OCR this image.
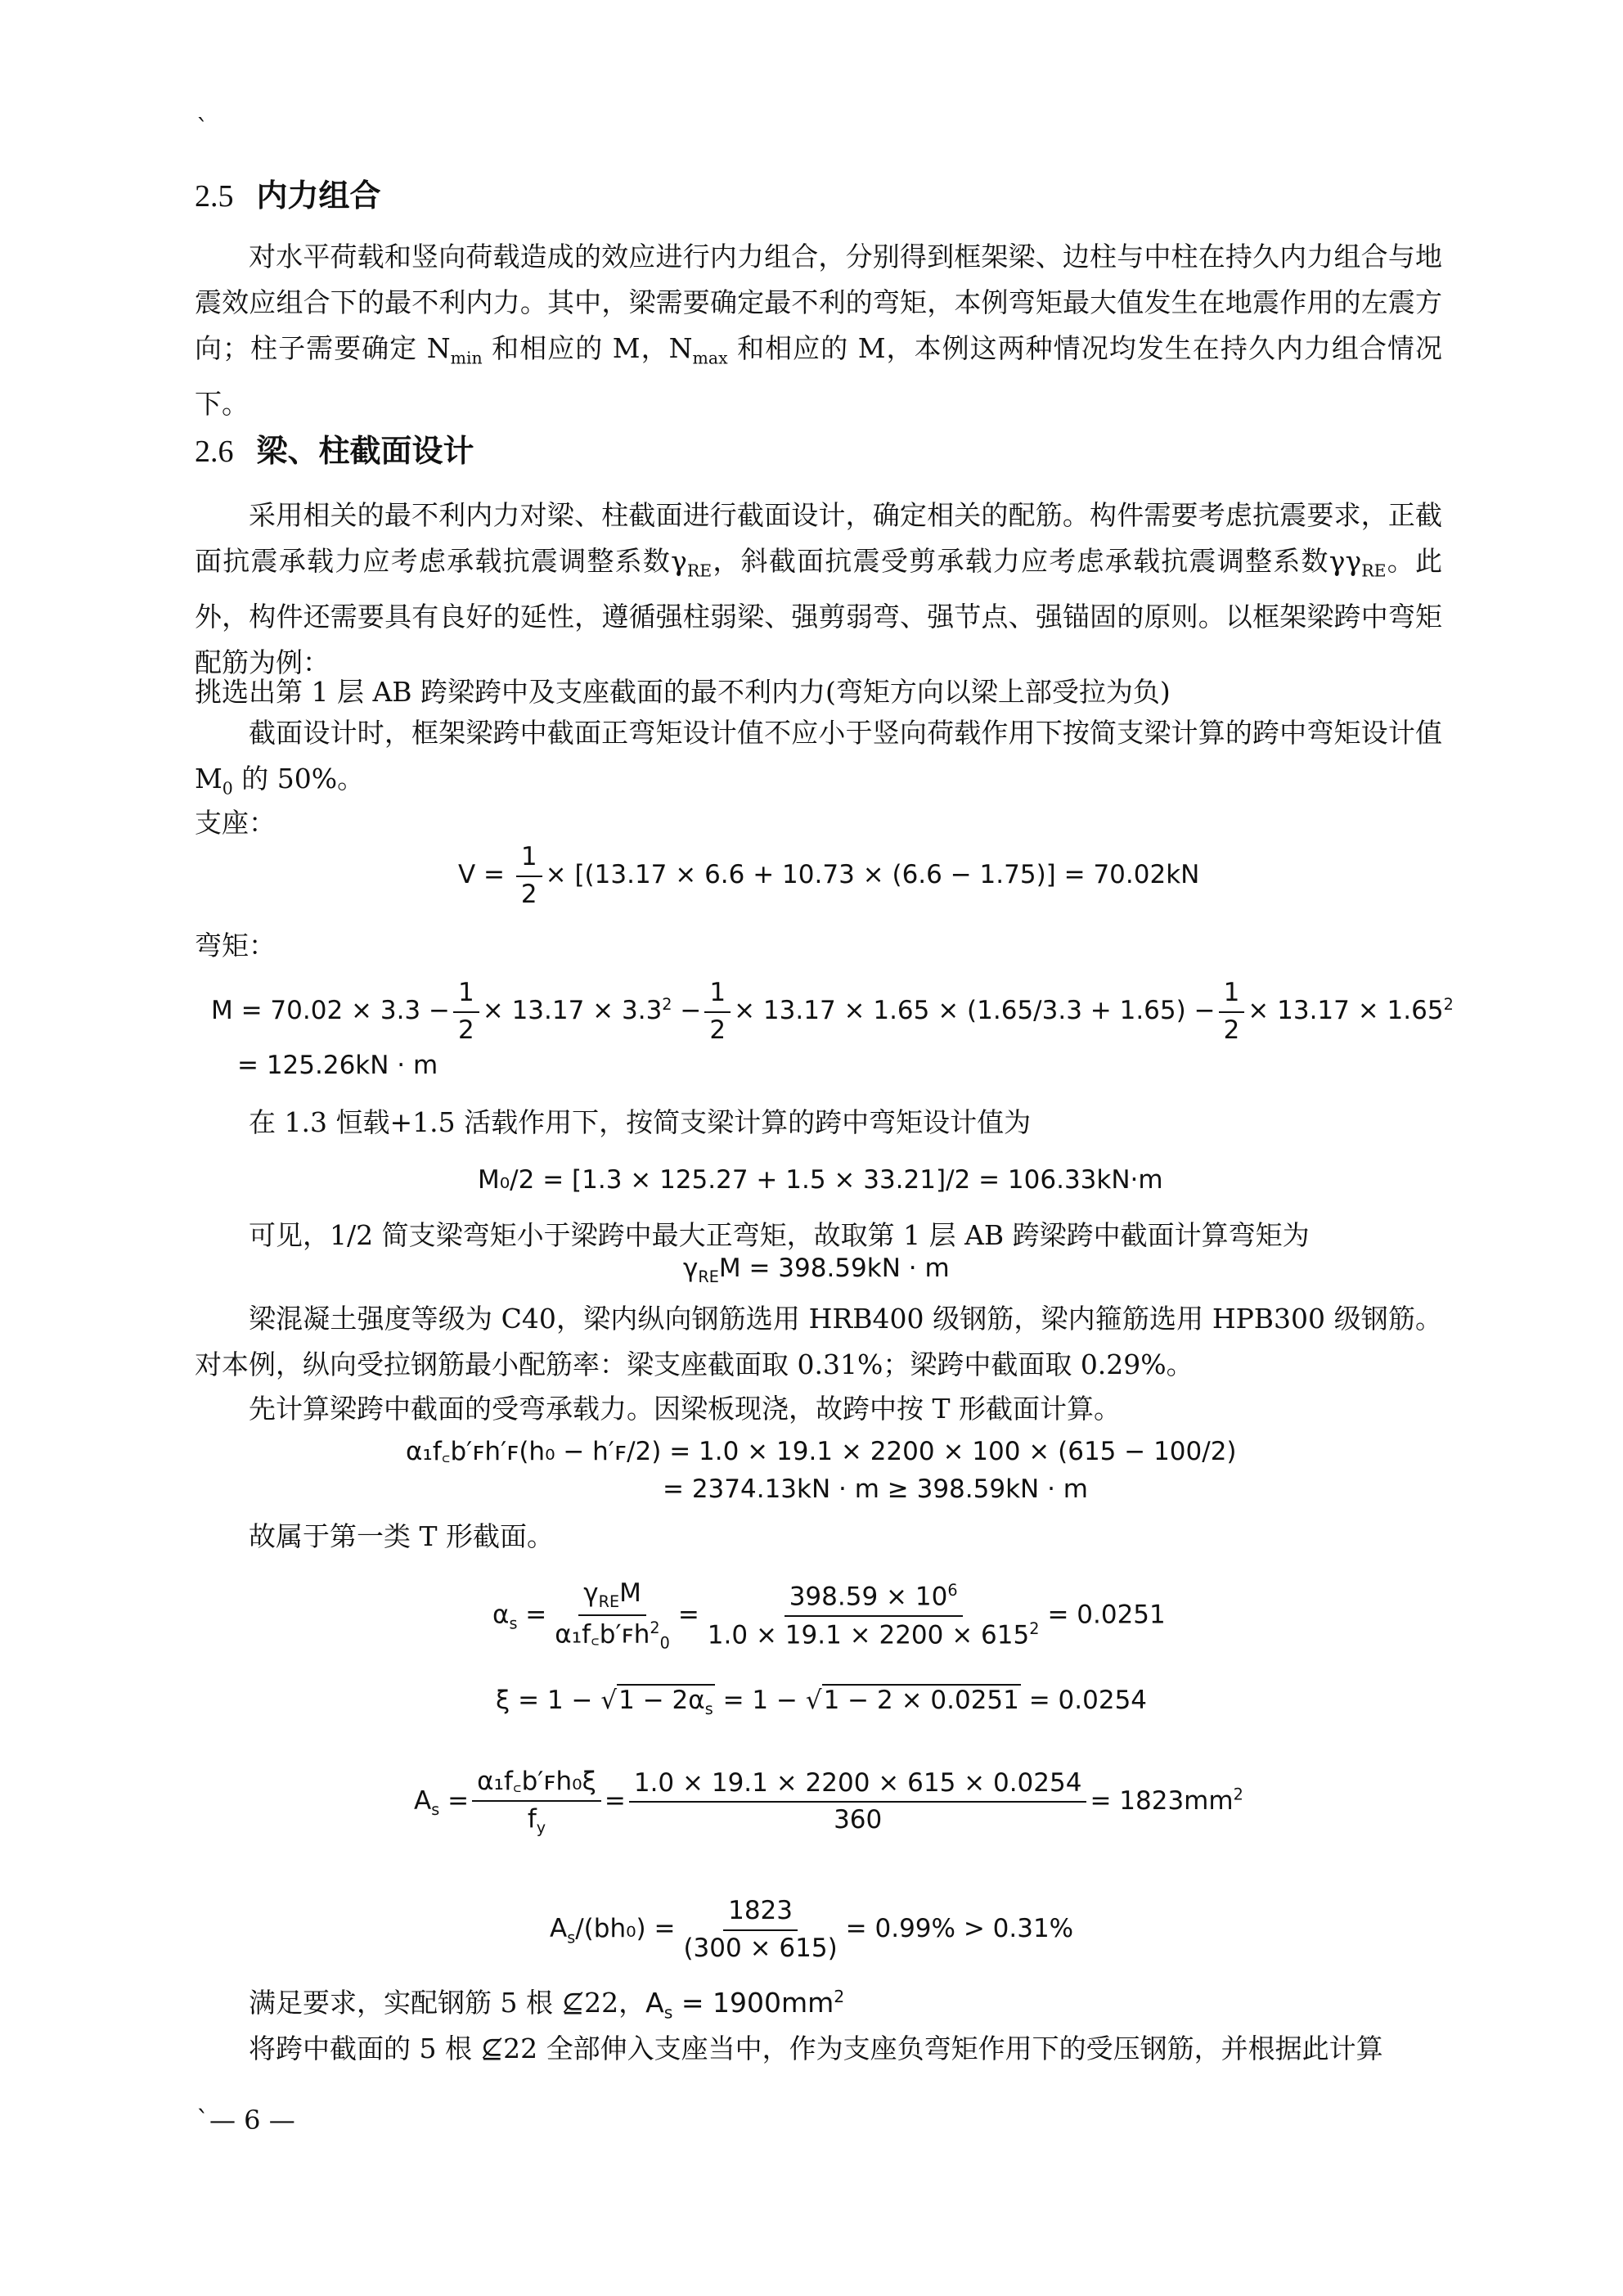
`
2.5 内力组合

对水平荷载和竖向荷载造成的效应进行内力组合，分别得到框架梁、边柱与中柱在持久内力组合与地震效应组合下的最不利内力。其中，梁需要确定最不利的弯矩，本例弯矩最大值发生在地震作用的左震方向；柱子需要确定 $N_{min}$ 和相应的 M，$N_{max}$ 和相应的 M，本例这两种情况均发生在持久内力组合情况下。

2.6 梁、柱截面设计

采用相关的最不利内力对梁、柱截面进行截面设计，确定相关的配筋。构件需要考虑抗震要求，正截面抗震承载力应考虑承载抗震调整系数$\gamma_{RE}$，斜截面抗震受剪承载力应考虑承载抗震调整系数$\gamma\gamma_{RE}$。此外，构件还需要具有良好的延性，遵循强柱弱梁、强剪弱弯、强节点、强锚固的原则。以框架梁跨中弯矩配筋为例：

挑选出第 1 层 AB 跨梁跨中及支座截面的最不利内力(弯矩方向以梁上部受拉为负)

截面设计时，框架梁跨中截面正弯矩设计值不应小于竖向荷载作用下按简支梁计算的跨中弯矩设计值 $M_0$ 的 50%。

支座：
$V = \frac{1}{2} \times [(13.17 \times 6.6 + 10.73 \times (6.6 - 1.75)] = 70.02kN$
弯矩：
$M = 70.02 \times 3.3 - \frac{1}{2} \times 13.17 \times 3.3^2 - \frac{1}{2} \times 13.17 \times 1.65 \times (1.65/3.3 + 1.65) - \frac{1}{2} \times 13.17 \times 1.65^2$
= 125.26kN · m
在 1.3 恒载+1.5 活载作用下，按简支梁计算的跨中弯矩设计值为
M₀/2 = [1.3 × 125.27 + 1.5 × 33.21]/2 = 106.33kN·m
可见，1/2 简支梁弯矩小于梁跨中最大正弯矩，故取第 1 层 AB 跨梁跨中截面计算弯矩为
$\gamma_{RE}M = 398.59kN \cdot m$

梁混凝土强度等级为 C40，梁内纵向钢筋选用 HRB400 级钢筋，梁内箍筋选用 HPB300 级钢筋。对本例，纵向受拉钢筋最小配筋率：梁支座截面取 0.31%；梁跨中截面取 0.29%。

先计算梁跨中截面的受弯承载力。因梁板现浇，故跨中按 T 形截面计算。
α₁f꜀b′ꜰh′ꜰ(h₀ − h′ꜰ/2) = 1.0 × 19.1 × 2200 × 100 × (615 − 100/2)
= 2374.13kN · m ≥ 398.59kN · m
故属于第一类 T 形截面。
$\alpha_s = \frac{\gamma_{RE}M}{\alpha_1f꜀b'ꜰh^2_0} = \frac{398.59 \times 10^6}{1.0 \times 19.1 \times 2200 \times 615^2} = 0.0251$
$\xi = 1 - √1 - 2\alpha_s = 1 - √1 - 2 \times 0.0251 = 0.0254$
$A_s = \frac{\text{α₁f꜀b′ꜰh₀ξ}}{f_y} = \frac{1.0 \times 19.1 \times 2200 \times 615 \times 0.0254}{360} = 1823mm^2$
$A_s/(bh_0) = \frac{1823}{(300 \times 615)} = 0.99\% > 0.31\%$
满足要求，实配钢筋 5 根 ⊈22，$A_s = 1900mm^2$
将跨中截面的 5 根 ⊈22 全部伸入支座当中，作为支座负弯矩作用下的受压钢筋，并根据此计算
`— 6 —
